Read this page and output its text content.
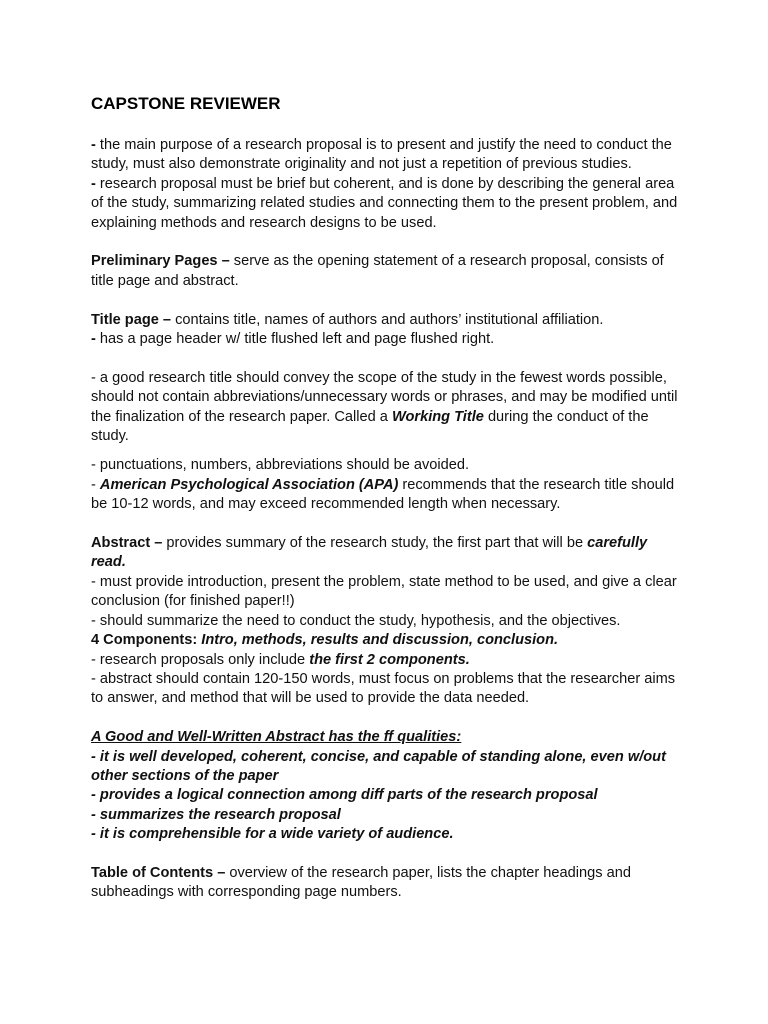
CAPSTONE REVIEWER

- the main purpose of a research proposal is to present and justify the need to conduct the study, must also demonstrate originality and not just a repetition of previous studies.

- research proposal must be brief but coherent, and is done by describing the general area of the study, summarizing related studies and connecting them to the present problem, and explaining methods and research designs to be used.

Preliminary Pages – serve as the opening statement of a research proposal, consists of title page and abstract.

Title page – contains title, names of authors and authors’ institutional affiliation.

- has a page header w/ title flushed left and page flushed right.

- a good research title should convey the scope of the study in the fewest words possible, should not contain abbreviations/unnecessary words or phrases, and may be modified until the finalization of the research paper. Called a Working Title during the conduct of the study.

- punctuations, numbers, abbreviations should be avoided.

- American Psychological Association (APA) recommends that the research title should be 10-12 words, and may exceed recommended length when necessary.

Abstract – provides summary of the research study, the first part that will be carefully read.

- must provide introduction, present the problem, state method to be used, and give a clear conclusion (for finished paper!!)

- should summarize the need to conduct the study, hypothesis, and the objectives.

4 Components: Intro, methods, results and discussion, conclusion.

- research proposals only include the first 2 components.

- abstract should contain 120-150 words, must focus on problems that the researcher aims to answer, and method that will be used to provide the data needed.

A Good and Well-Written Abstract has the ff qualities:

- it is well developed, coherent, concise, and capable of standing alone, even w/out other sections of the paper

- provides a logical connection among diff parts of the research proposal

- summarizes the research proposal

- it is comprehensible for a wide variety of audience.

Table of Contents – overview of the research paper, lists the chapter headings and subheadings with corresponding page numbers.
